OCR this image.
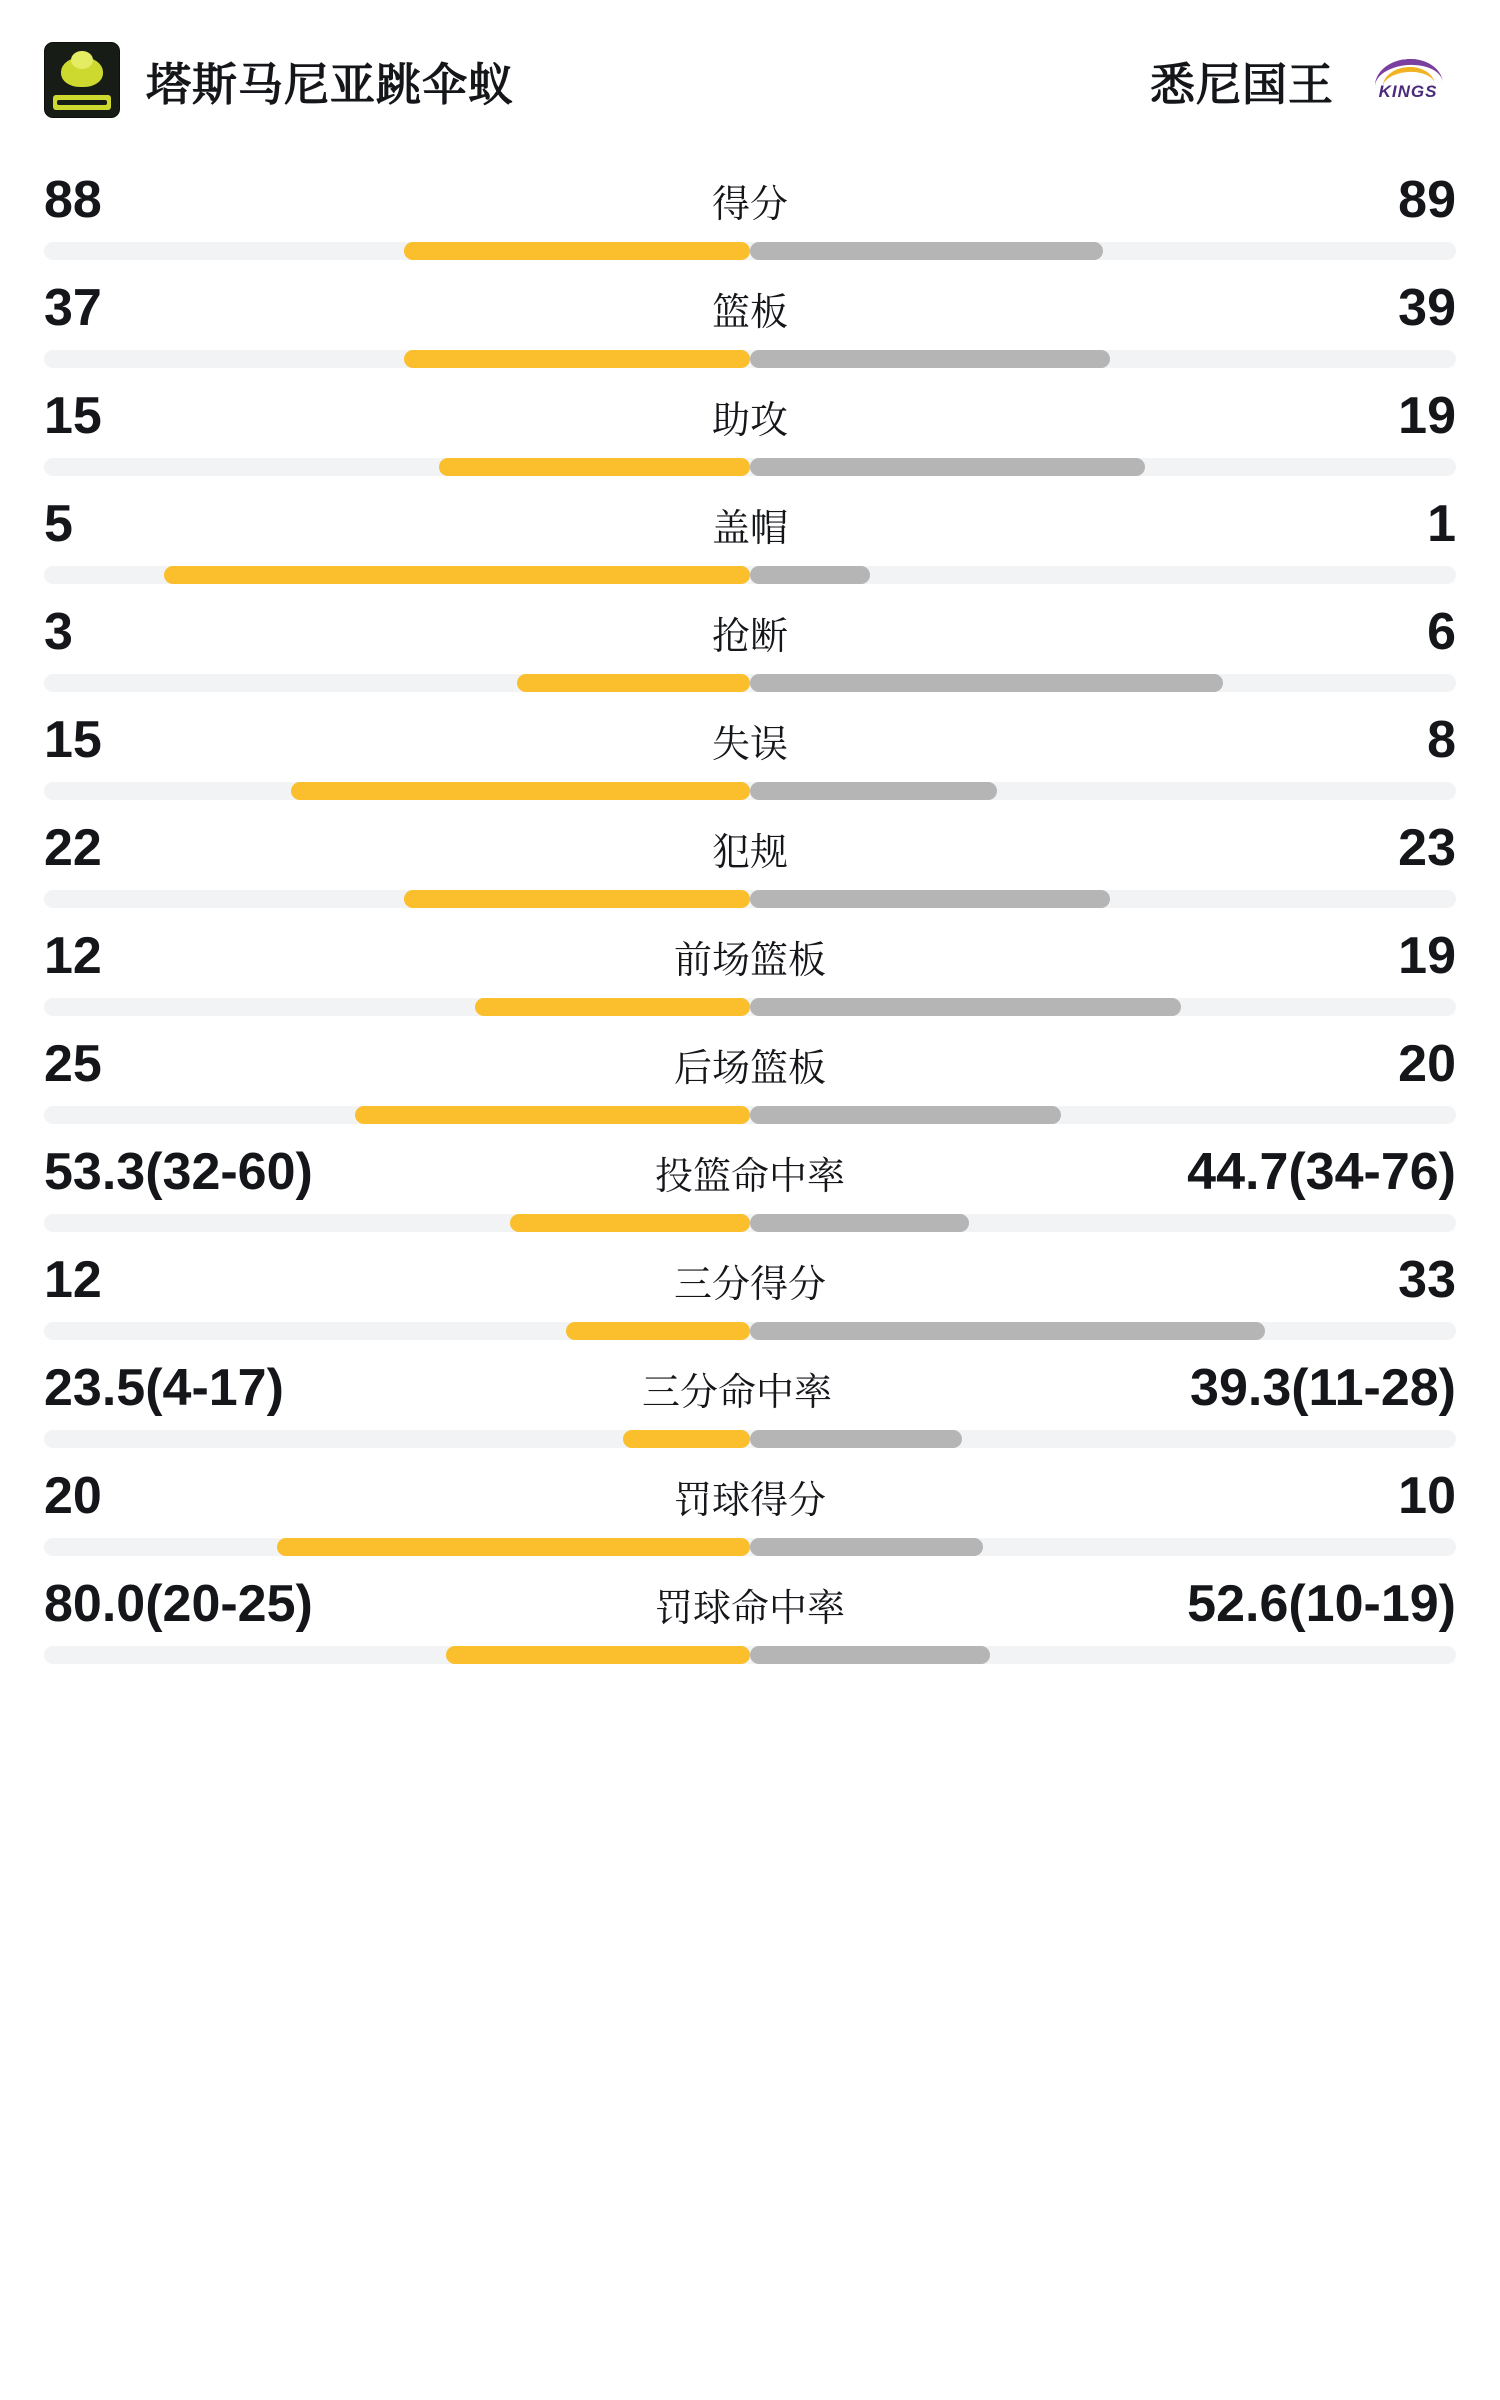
塔斯马尼亚跳伞蚁	悉尼国王	KINGS
88	得分	89
37	篮板	39
15	助攻	19
5	盖帽	1
3	抢断	6
15	失误	8
22	犯规	23
12	前场篮板	19
25	后场篮板	20
53.3(32-60)	投篮命中率	44.7(34-76)
12	三分得分	33
23.5(4-17)	三分命中率	39.3(11-28)
20	罚球得分	10
80.0(20-25)	罚球命中率	52.6(10-19)
